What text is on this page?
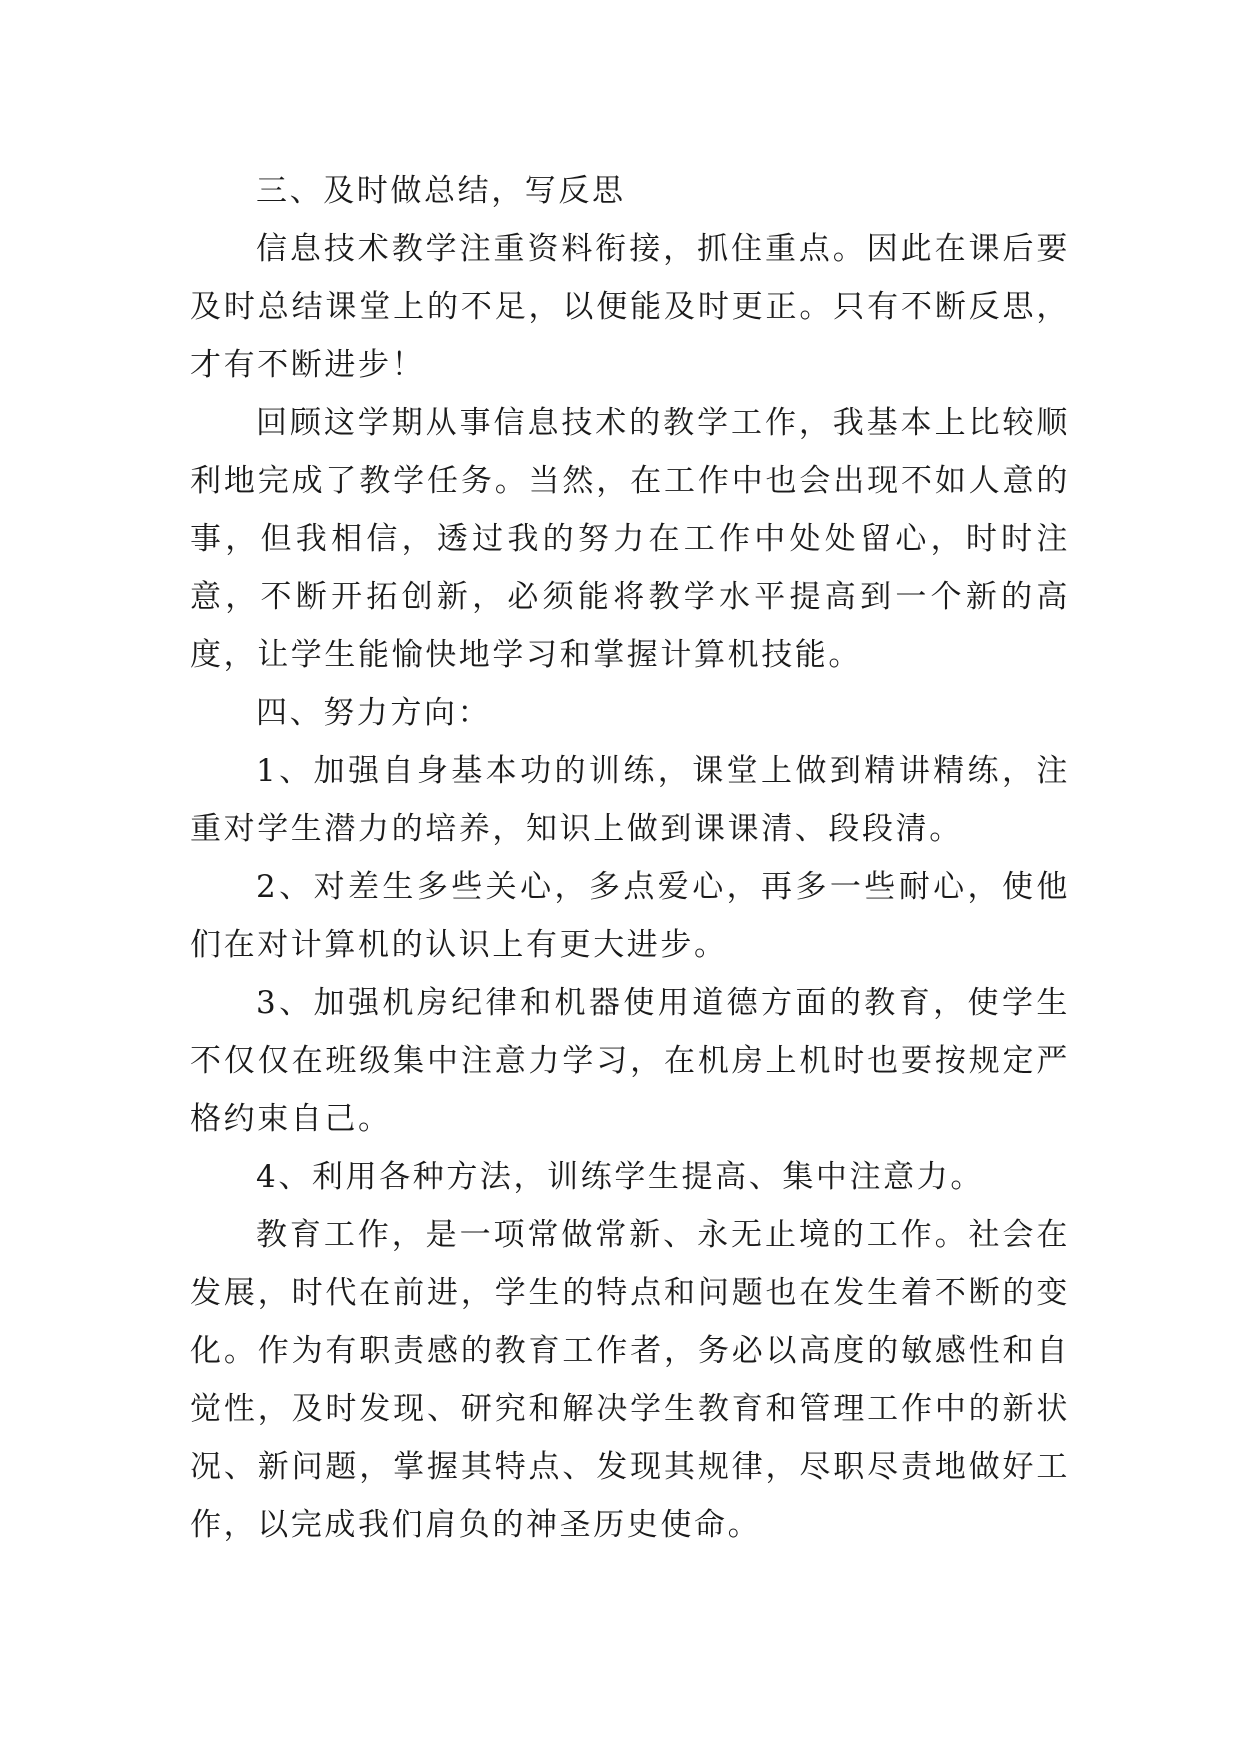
三、及时做总结，写反思

信息技术教学注重资料衔接，抓住重点。因此在课后要及时总结课堂上的不足，以便能及时更正。只有不断反思，才有不断进步！

回顾这学期从事信息技术的教学工作，我基本上比较顺利地完成了教学任务。当然，在工作中也会出现不如人意的事，但我相信，透过我的努力在工作中处处留心，时时注意，不断开拓创新，必须能将教学水平提高到一个新的高度，让学生能愉快地学习和掌握计算机技能。

四、努力方向：

1、加强自身基本功的训练，课堂上做到精讲精练，注重对学生潜力的培养，知识上做到课课清、段段清。

2、对差生多些关心，多点爱心，再多一些耐心，使他们在对计算机的认识上有更大进步。

3、加强机房纪律和机器使用道德方面的教育，使学生不仅仅在班级集中注意力学习，在机房上机时也要按规定严格约束自己。

4、利用各种方法，训练学生提高、集中注意力。

教育工作，是一项常做常新、永无止境的工作。社会在发展，时代在前进，学生的特点和问题也在发生着不断的变化。作为有职责感的教育工作者，务必以高度的敏感性和自觉性，及时发现、研究和解决学生教育和管理工作中的新状况、新问题，掌握其特点、发现其规律，尽职尽责地做好工作，以完成我们肩负的神圣历史使命。
